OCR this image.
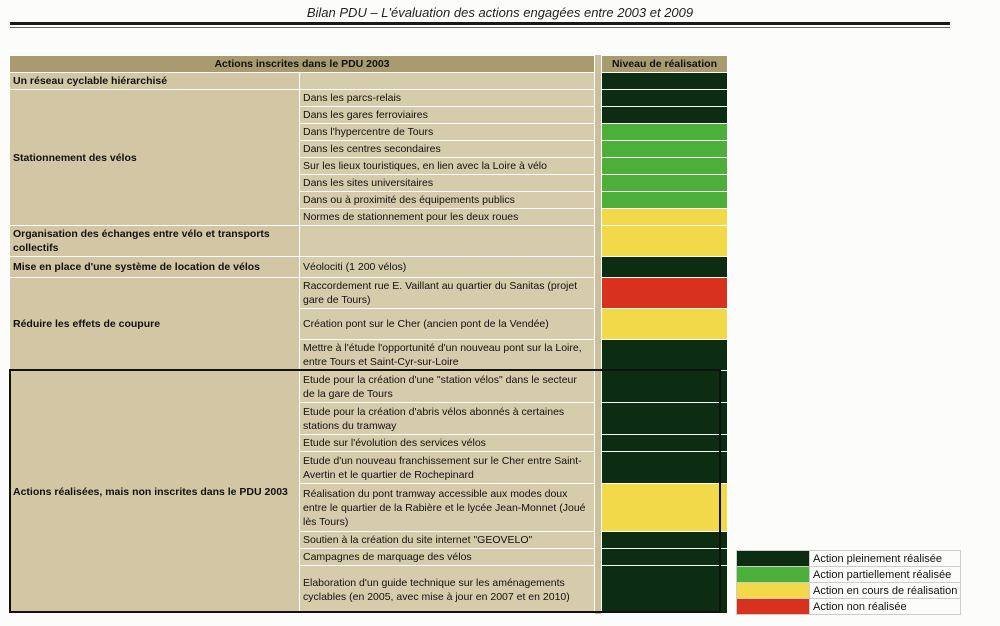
Bilan PDU – L'évaluation des actions engagées entre 2003 et 2009
Actions inscrites dans le PDU 2003			Niveau de réalisation
Un réseau cyclable hiérarchisé			
Stationnement des vélos	Dans les parcs-relais		
	Dans les gares ferroviaires		
	Dans l'hypercentre de Tours		
	Dans les centres secondaires		
	Sur les lieux touristiques, en lien avec la Loire à vélo		
	Dans les sites universitaires		
	Dans ou à proximité des équipements publics		
	Normes de stationnement pour les deux roues		
Organisation des échanges entre vélo et transports collectifs			
Mise en place d'une système de location de vélos	Véolociti (1 200 vélos)		
Réduire les effets de coupure	Raccordement rue E. Vaillant au quartier du Sanitas (projet gare de Tours)		
	Création pont sur le Cher (ancien pont de la Vendée)		
	Mettre à l'étude l'opportunité d'un nouveau pont sur la Loire, entre Tours et Saint-Cyr-sur-Loire		
Actions réalisées, mais non inscrites dans le PDU 2003	Etude pour la création d'une "station vélos" dans le secteur de la gare de Tours		
	Etude pour la création d'abris vélos abonnés à certaines stations du tramway		
	Etude sur l'évolution des services vélos		
	Etude d'un nouveau franchissement sur le Cher entre Saint-Avertin et le quartier de Rochepinard		
	Réalisation du pont tramway accessible aux modes doux entre le quartier de la Rabière et le lycée Jean-Monnet (Joué lès Tours)		
	Soutien à la création du site internet "GEOVELO"		
	Campagnes de marquage des vélos		
	Elaboration d'un guide technique sur les aménagements cyclables (en 2005, avec mise à jour en 2007 et en 2010)		
	Action pleinement réalisée
	Action partiellement réalisée
	Action en cours de réalisation
	Action non réalisée
